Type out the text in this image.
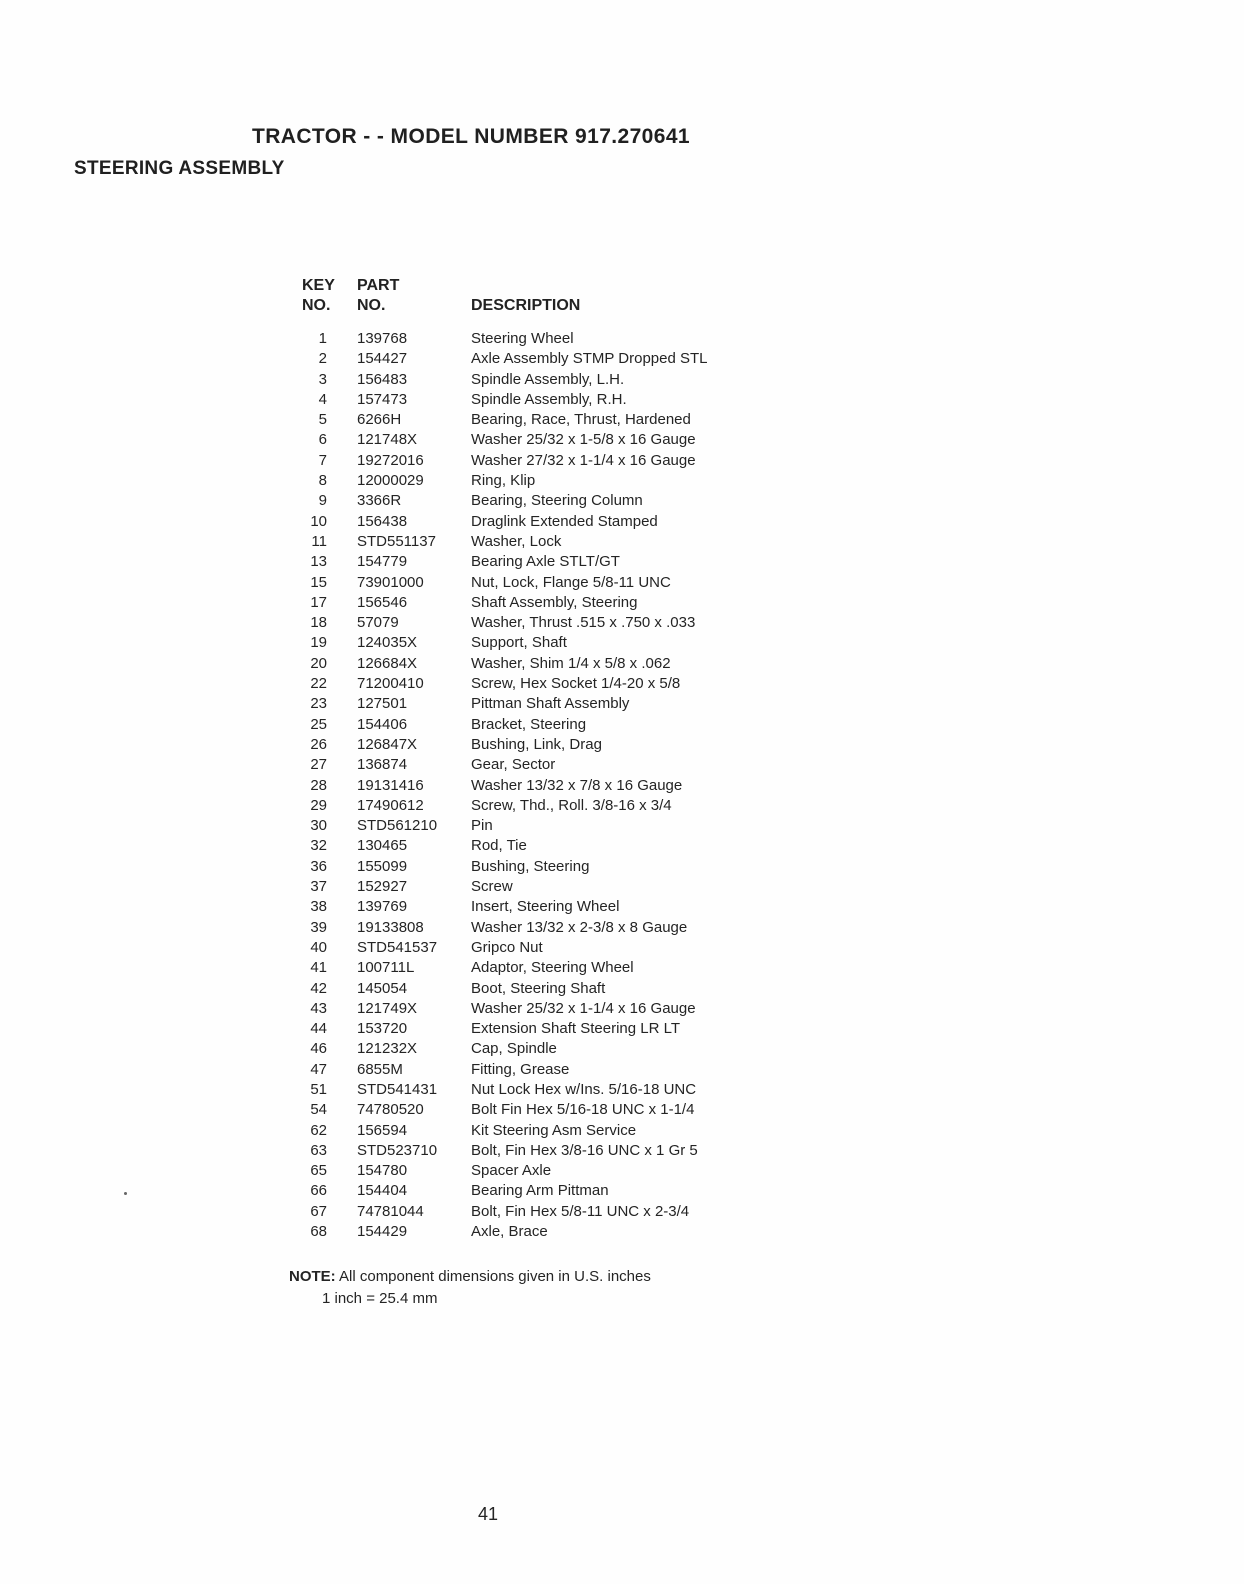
TRACTOR - - MODEL NUMBER 917.270641
STEERING ASSEMBLY
KEY	PART
NO.	NO.	DESCRIPTION
1	139768	Steering Wheel
2	154427	Axle Assembly STMP Dropped STL
3	156483	Spindle Assembly, L.H.
4	157473	Spindle Assembly, R.H.
5	6266H	Bearing, Race, Thrust, Hardened
6	121748X	Washer 25/32 x 1-5/8 x 16 Gauge
7	19272016	Washer 27/32 x 1-1/4 x 16 Gauge
8	12000029	Ring, Klip
9	3366R	Bearing, Steering Column
10	156438	Draglink Extended Stamped
11	STD551137	Washer, Lock
13	154779	Bearing Axle STLT/GT
15	73901000	Nut, Lock, Flange 5/8-11 UNC
17	156546	Shaft Assembly, Steering
18	57079	Washer, Thrust .515 x .750 x .033
19	124035X	Support, Shaft
20	126684X	Washer, Shim 1/4 x 5/8 x .062
22	71200410	Screw, Hex Socket 1/4-20 x 5/8
23	127501	Pittman Shaft Assembly
25	154406	Bracket, Steering
26	126847X	Bushing, Link, Drag
27	136874	Gear, Sector
28	19131416	Washer 13/32 x 7/8 x 16 Gauge
29	17490612	Screw, Thd., Roll. 3/8-16 x 3/4
30	STD561210	Pin
32	130465	Rod, Tie
36	155099	Bushing, Steering
37	152927	Screw
38	139769	Insert, Steering Wheel
39	19133808	Washer 13/32 x 2-3/8 x 8 Gauge
40	STD541537	Gripco Nut
41	100711L	Adaptor, Steering Wheel
42	145054	Boot, Steering Shaft
43	121749X	Washer 25/32 x 1-1/4 x 16 Gauge
44	153720	Extension Shaft Steering LR LT
46	121232X	Cap, Spindle
47	6855M	Fitting, Grease
51	STD541431	Nut Lock Hex w/Ins. 5/16-18 UNC
54	74780520	Bolt Fin Hex 5/16-18 UNC x 1-1/4
62	156594	Kit Steering Asm Service
63	STD523710	Bolt, Fin Hex 3/8-16 UNC x 1 Gr 5
65	154780	Spacer Axle
66	154404	Bearing Arm Pittman
67	74781044	Bolt, Fin Hex 5/8-11 UNC x 2-3/4
68	154429	Axle, Brace
NOTE: All component dimensions given in U.S. inches
1 inch = 25.4 mm
41
